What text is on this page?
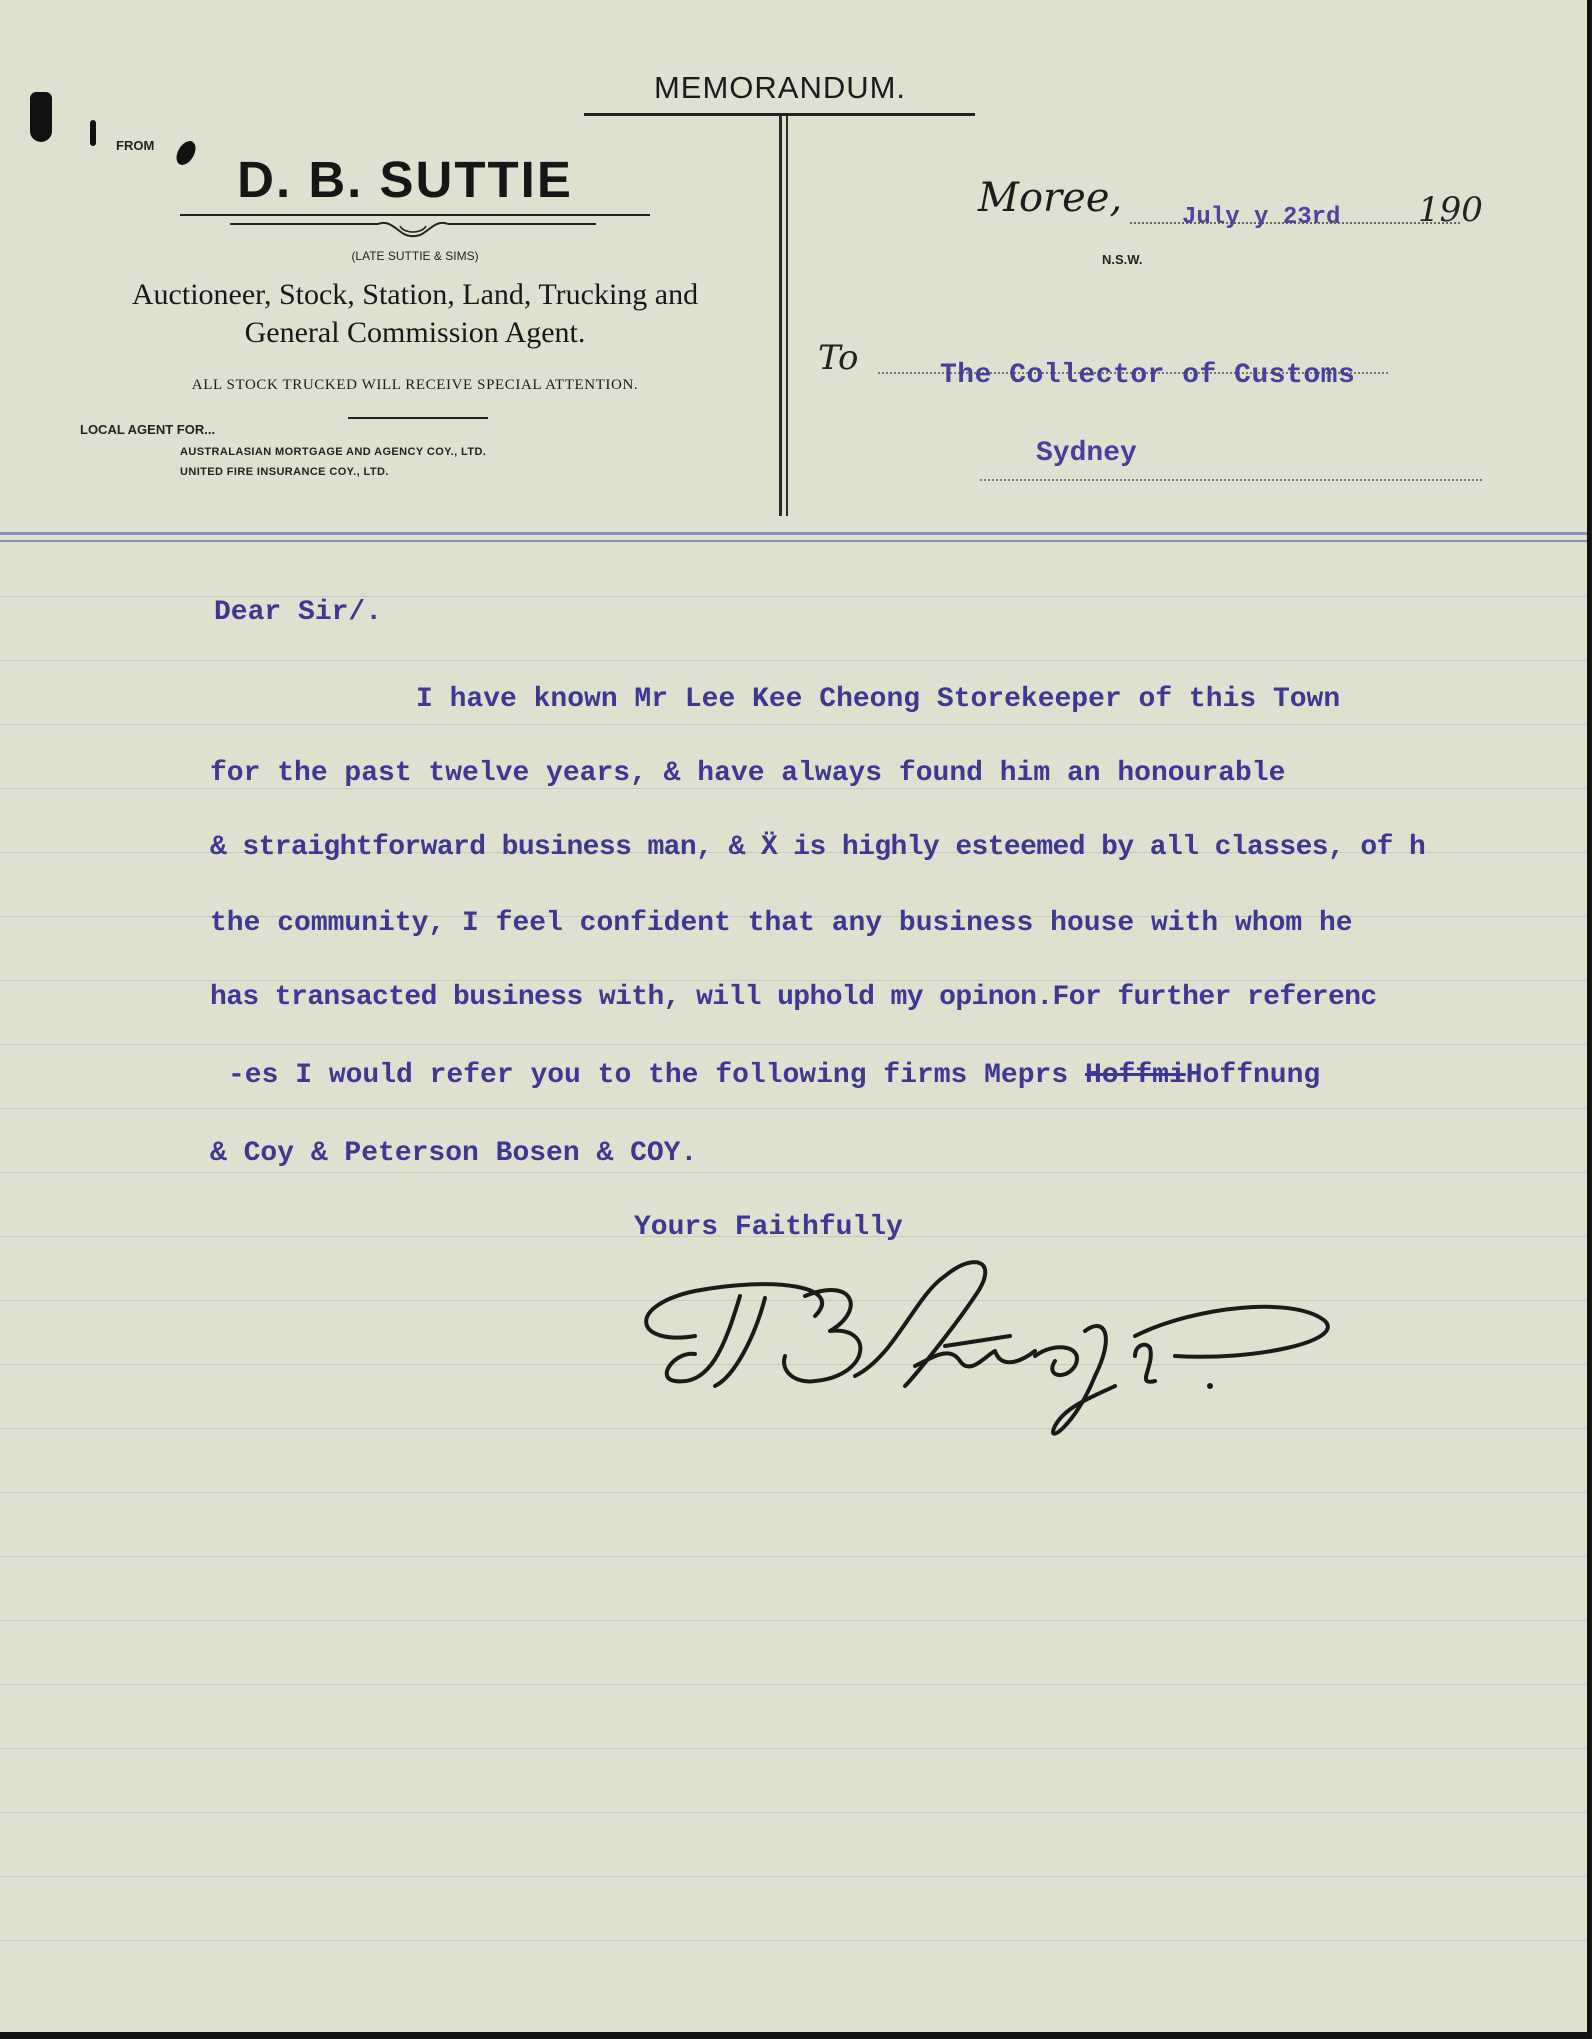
MEMORANDUM.
FROM
D. B. SUTTIE
(LATE SUTTIE & SIMS)
Auctioneer, Stock, Station, Land, Trucking and
General Commission Agent.
ALL STOCK TRUCKED WILL RECEIVE SPECIAL ATTENTION.
LOCAL AGENT FOR...
AUSTRALASIAN MORTGAGE AND AGENCY COY., LTD.
UNITED FIRE INSURANCE COY., LTD.
Moree, July y 23rd 190
N.S.W.
To	The Collector of Customs
Sydney
Dear Sir/.
I have known Mr Lee Kee Cheong Storekeeper of this Town
for the past twelve years, & have always found him an honourable
& straightforward business man, & Ẍ is highly esteemed by all classes, of h
the community, I feel confident that any business house with whom he
has transacted business with, will uphold my opinon.For further referenc
-es I would refer you to the following firms Meprs HoffmiHoffnung
& Coy & Peterson Bosen & COY.
Yours Faithfully
